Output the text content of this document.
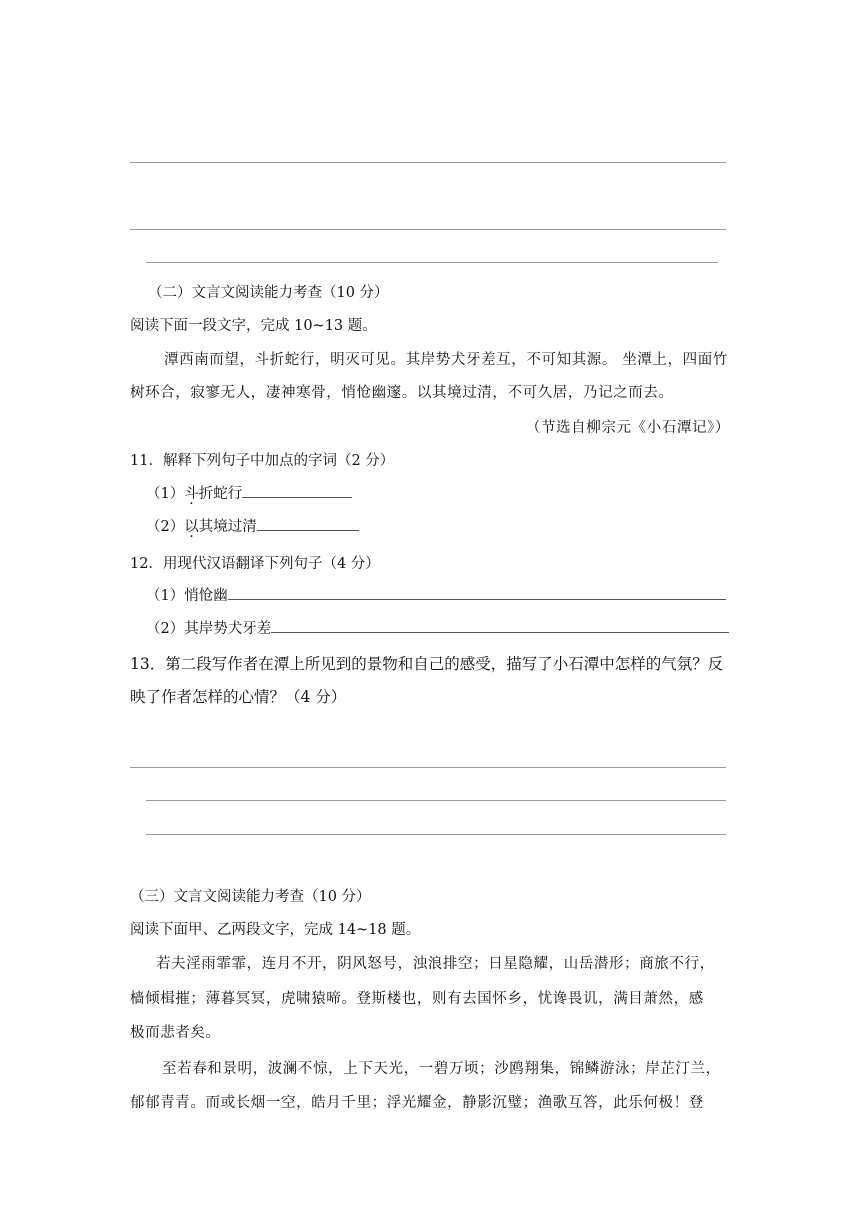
（二）文言文阅读能力考查（10 分）
阅读下面一段文字，完成 10~13 题。
潭西南而望，斗折蛇行，明灭可见。其岸势犬牙差互，不可知其源。 坐潭上，四面竹
树环合，寂寥无人，凄神寒骨，悄怆幽邃。以其境过清，不可久居，乃记之而去。
（节选自柳宗元《小石潭记》）
11．解释下列句子中加点的字词（2 分）
（1）斗折蛇行
（2）以其境过清
12．用现代汉语翻译下列句子（4 分）
（1）悄怆幽
（2）其岸势犬牙差
13．第二段写作者在潭上所见到的景物和自己的感受，描写了小石潭中怎样的气氛？反
映了作者怎样的心情？（4 分）
（三）文言文阅读能力考查（10 分）
阅读下面甲、乙两段文字，完成 14~18 题。
若夫淫雨霏霏，连月不开，阴风怒号，浊浪排空；日星隐耀，山岳潜形；商旅不行，
樯倾楫摧；薄暮冥冥，虎啸猿啼。登斯楼也，则有去国怀乡，忧谗畏讥，满目萧然，感
极而悲者矣。
至若春和景明，波澜不惊，上下天光，一碧万顷；沙鸥翔集，锦鳞游泳；岸芷汀兰，
郁郁青青。而或长烟一空，皓月千里；浮光耀金，静影沉璧；渔歌互答，此乐何极！登
